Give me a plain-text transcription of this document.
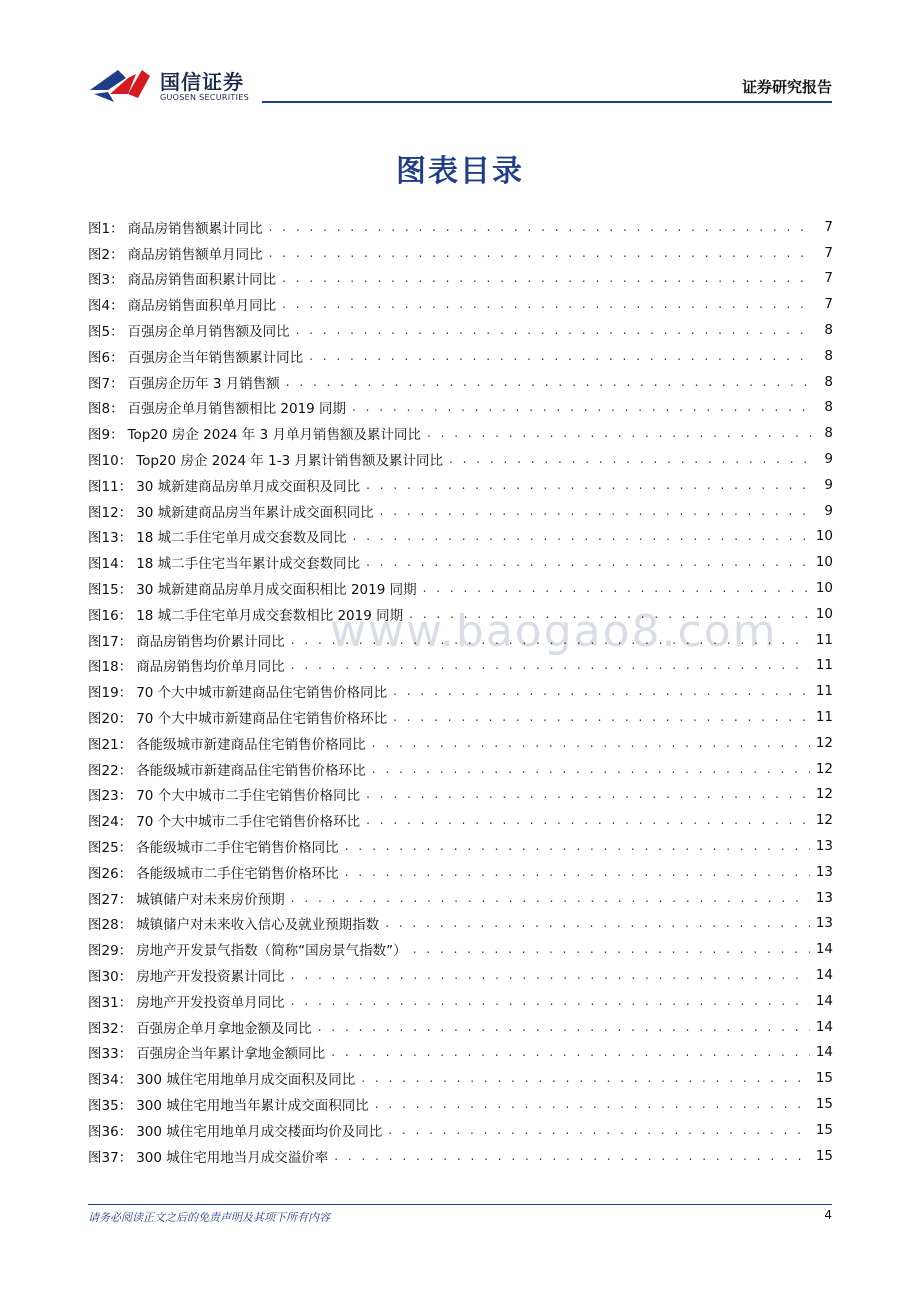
国信证券
GUOSEN SECURITIES
证券研究报告
图表目录
www.baogao8.com
图1： 商品房销售额累计同比 . . .	7
图2： 商品房销售额单月同比 . . .	7
图3： 商品房销售面积累计同比 . . .	7
图4： 商品房销售面积单月同比 . . .	7
图5： 百强房企单月销售额及同比 . . .	8
图6： 百强房企当年销售额累计同比 . . .	8
图7： 百强房企历年 3 月销售额 . . .	8
图8： 百强房企单月销售额相比 2019 同期 . . .	8
图9： Top20 房企 2024 年 3 月单月销售额及累计同比 . . .	8
图10： Top20 房企 2024 年 1-3 月累计销售额及累计同比 . . .	9
图11： 30 城新建商品房单月成交面积及同比 . . .	9
图12： 30 城新建商品房当年累计成交面积同比 . . .	9
图13： 18 城二手住宅单月成交套数及同比 . . .	10
图14： 18 城二手住宅当年累计成交套数同比 . . .	10
图15： 30 城新建商品房单月成交面积相比 2019 同期 . . .	10
图16： 18 城二手住宅单月成交套数相比 2019 同期 . . .	10
图17： 商品房销售均价累计同比 . . .	11
图18： 商品房销售均价单月同比 . . .	11
图19： 70 个大中城市新建商品住宅销售价格同比 . . .	11
图20： 70 个大中城市新建商品住宅销售价格环比 . . .	11
图21： 各能级城市新建商品住宅销售价格同比 . . .	12
图22： 各能级城市新建商品住宅销售价格环比 . . .	12
图23： 70 个大中城市二手住宅销售价格同比 . . .	12
图24： 70 个大中城市二手住宅销售价格环比 . . .	12
图25： 各能级城市二手住宅销售价格同比 . . .	13
图26： 各能级城市二手住宅销售价格环比 . . .	13
图27： 城镇储户对未来房价预期 . . .	13
图28： 城镇储户对未来收入信心及就业预期指数 . . .	13
图29： 房地产开发景气指数（简称“国房景气指数”） . . .	14
图30： 房地产开发投资累计同比 . . .	14
图31： 房地产开发投资单月同比 . . .	14
图32： 百强房企单月拿地金额及同比 . . .	14
图33： 百强房企当年累计拿地金额同比 . . .	14
图34： 300 城住宅用地单月成交面积及同比 . . .	15
图35： 300 城住宅用地当年累计成交面积同比 . . .	15
图36： 300 城住宅用地单月成交楼面均价及同比 . . .	15
图37： 300 城住宅用地当月成交溢价率 . . .	15
请务必阅读正文之后的免责声明及其项下所有内容	4
